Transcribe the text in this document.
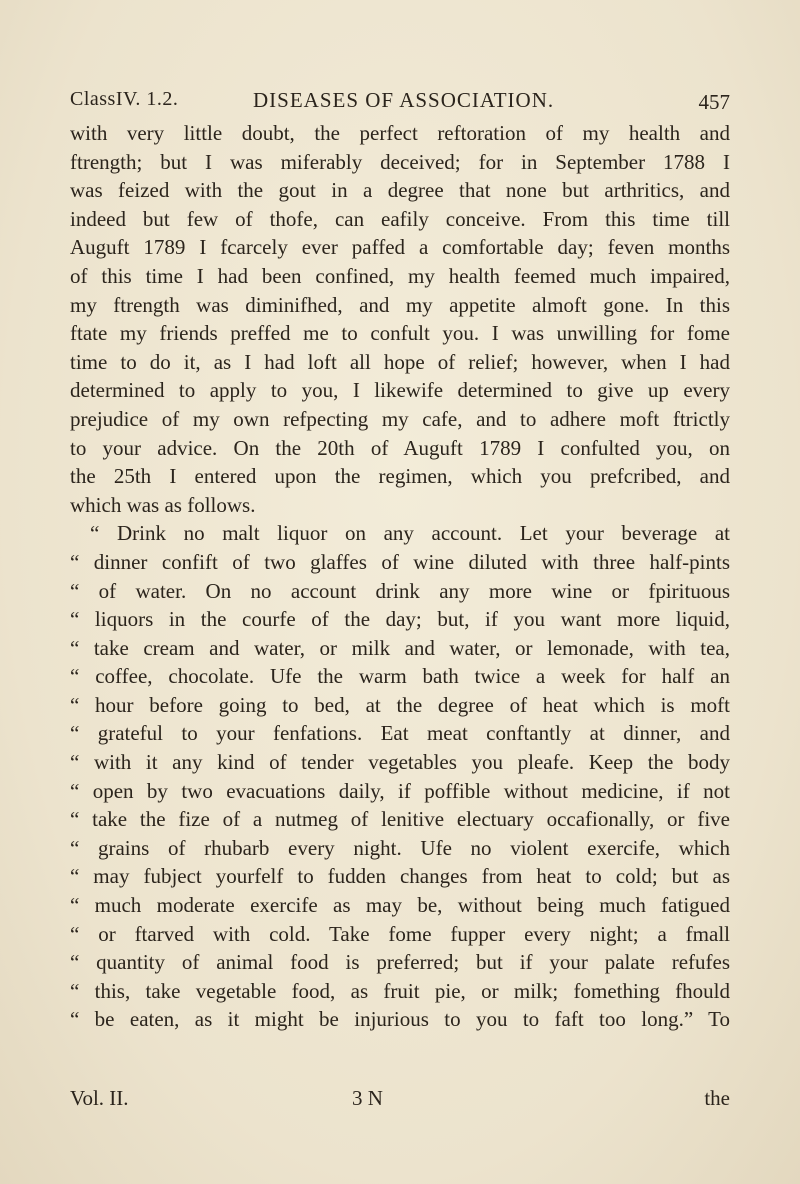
ClassIV. 1.2.	DISEASES OF ASSOCIATION.	457
with very little doubt, the perfect reftoration of my health and
ftrength; but I was miferably deceived; for in September 1788 I
was feized with the gout in a degree that none but arthritics, and
indeed but few of thofe, can eafily conceive. From this time till
Auguft 1789 I fcarcely ever paffed a comfortable day; feven months
of this time I had been confined, my health feemed much impaired,
my ftrength was diminifhed, and my appetite almoft gone. In this
ftate my friends preffed me to confult you. I was unwilling for fome
time to do it, as I had loft all hope of relief; however, when I had
determined to apply to you, I likewife determined to give up every
prejudice of my own refpecting my cafe, and to adhere moft ftrictly
to your advice. On the 20th of Auguft 1789 I confulted you, on
the 25th I entered upon the regimen, which you prefcribed, and
which was as follows.
“ Drink no malt liquor on any account. Let your beverage at
“ dinner confift of two glaffes of wine diluted with three half-pints
“ of water. On no account drink any more wine or fpirituous
“ liquors in the courfe of the day; but, if you want more liquid,
“ take cream and water, or milk and water, or lemonade, with tea,
“ coffee, chocolate. Ufe the warm bath twice a week for half an
“ hour before going to bed, at the degree of heat which is moft
“ grateful to your fenfations. Eat meat conftantly at dinner, and
“ with it any kind of tender vegetables you pleafe. Keep the body
“ open by two evacuations daily, if poffible without medicine, if not
“ take the fize of a nutmeg of lenitive electuary occafionally, or five
“ grains of rhubarb every night. Ufe no violent exercife, which
“ may fubject yourfelf to fudden changes from heat to cold; but as
“ much moderate exercife as may be, without being much fatigued
“ or ftarved with cold. Take fome fupper every night; a fmall
“ quantity of animal food is preferred; but if your palate refufes
“ this, take vegetable food, as fruit pie, or milk; fomething fhould
“ be eaten, as it might be injurious to you to faft too long.” To
Vol. II.	3 N	the
